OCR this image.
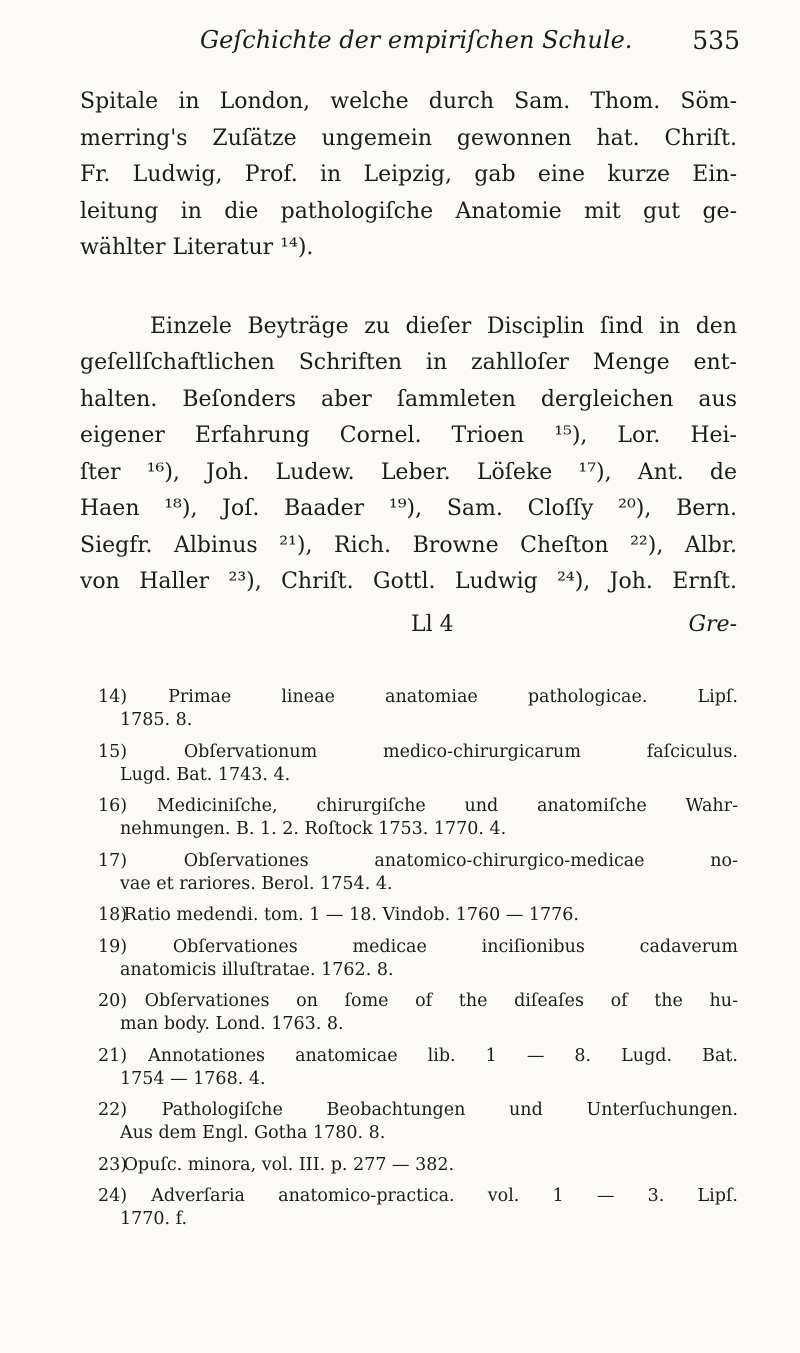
Geſchichte der empiriſchen Schule. 535
Spitale in London, welche durch Sam. Thom. Söm-
merring's Zuſätze ungemein gewonnen hat. Chriſt.
Fr. Ludwig, Prof. in Leipzig, gab eine kurze Ein-
leitung in die pathologiſche Anatomie mit gut ge-
wählter Literatur ¹⁴).
Einzele Beyträge zu dieſer Disciplin ſind in den
geſellſchaftlichen Schriften in zahlloſer Menge ent-
halten. Beſonders aber ſammleten dergleichen aus
eigener Erfahrung Cornel. Trioen ¹⁵), Lor. Hei-
ſter ¹⁶), Joh. Ludew. Leber. Löſeke ¹⁷), Ant. de
Haen ¹⁸), Joſ. Baader ¹⁹), Sam. Cloſſy ²⁰), Bern.
Siegfr. Albinus ²¹), Rich. Browne Cheſton ²²), Albr.
von Haller ²³), Chriſt. Gottl. Ludwig ²⁴), Joh. Ernſt.
Ll 4	Gre-
14) Primae lineae anatomiae pathologicae. Lipſ.
1785. 8.
15)	Obſervationum medico-chirurgicarum faſciculus.
Lugd. Bat. 1743. 4.
16) Mediciniſche, chirurgiſche und anatomiſche Wahr-
nehmungen. B. 1. 2. Roſtock 1753. 1770. 4.
17)	Obſervationes anatomico-chirurgico-medicae no-
vae et rariores. Berol. 1754. 4.
18) Ratio medendi. tom. 1 — 18. Vindob. 1760 — 1776.
19)	Obſervationes medicae inciſionibus cadaverum
anatomicis illuſtratae. 1762. 8.
20) Obſervationes on ſome of the diſeaſes of the hu-
man body. Lond. 1763. 8.
21) Annotationes anatomicae lib. 1 — 8. Lugd. Bat.
1754 — 1768. 4.
22) Pathologiſche Beobachtungen und Unterſuchungen.
Aus dem Engl. Gotha 1780. 8.
23) Opuſc. minora, vol. III. p. 277 — 382.
24) Adverſaria anatomico-practica. vol. 1 — 3. Lipſ.
1770. f.
